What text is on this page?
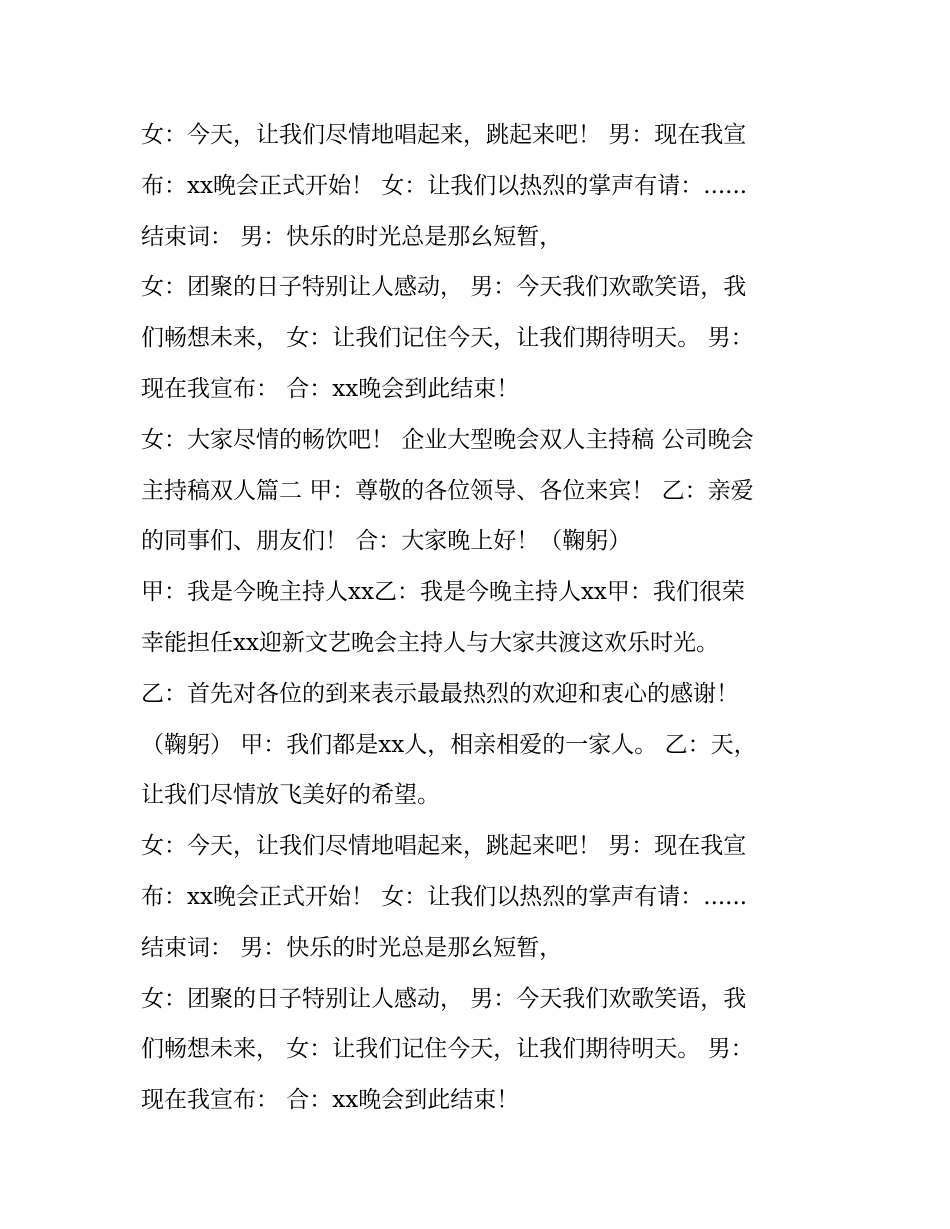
女：今天，让我们尽情地唱起来，跳起来吧！ 男：现在我宣
布：xx晚会正式开始！ 女：让我们以热烈的掌声有请：......
结束词： 男：快乐的时光总是那幺短暂，
女：团聚的日子特别让人感动， 男：今天我们欢歌笑语，我
们畅想未来， 女：让我们记住今天，让我们期待明天。 男：
现在我宣布： 合：xx晚会到此结束！
女：大家尽情的畅饮吧！ 企业大型晚会双人主持稿 公司晚会
主持稿双人篇二 甲：尊敬的各位领导、各位来宾！ 乙：亲爱
的同事们、朋友们！ 合：大家晚上好！（鞠躬）
甲：我是今晚主持人xx乙：我是今晚主持人xx甲：我们很荣
幸能担任xx迎新文艺晚会主持人与大家共渡这欢乐时光。
乙：首先对各位的到来表示最最热烈的欢迎和衷心的感谢！
（鞠躬） 甲：我们都是xx人，相亲相爱的一家人。 乙：天，
让我们尽情放飞美好的希望。
女：今天，让我们尽情地唱起来，跳起来吧！ 男：现在我宣
布：xx晚会正式开始！ 女：让我们以热烈的掌声有请：......
结束词： 男：快乐的时光总是那幺短暂，
女：团聚的日子特别让人感动， 男：今天我们欢歌笑语，我
们畅想未来， 女：让我们记住今天，让我们期待明天。 男：
现在我宣布： 合：xx晚会到此结束！
